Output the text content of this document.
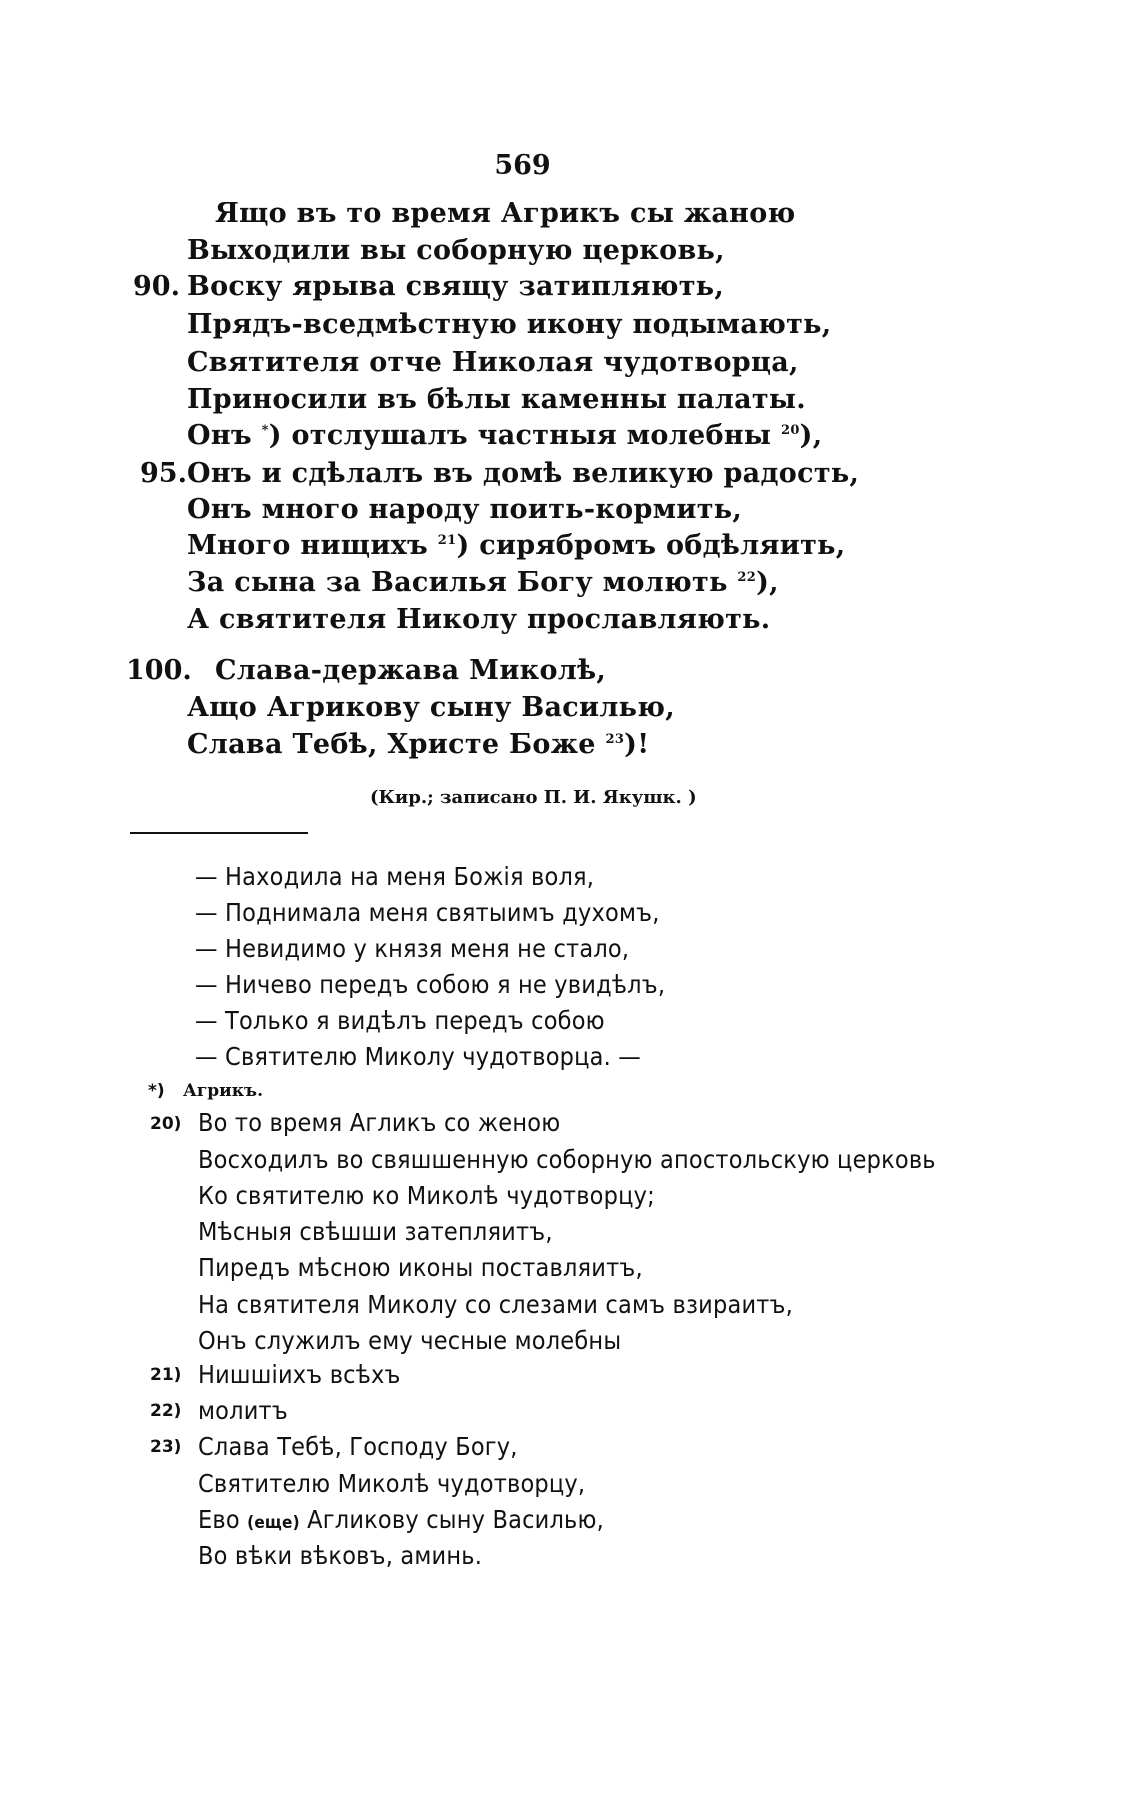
569
Ящо въ то время Агрикъ сы жаною
Выходили вы соборную церковь,
90. Воску ярыва свящу затипляють,
Прядъ-вседмѣстную икону подымають,
Святителя отче Николая чудотворца,
Приносили въ бѣлы каменны палаты.
Онъ *) отслушалъ частныя молебны $^{20}$),
95. Онъ и сдѣлалъ въ домѣ великую радость,
Онъ много народу поить-кормить,
Много нищихъ $^{21}$) сирябромъ обдѣляить,
За сына за Василья Богу молють $^{22}$),
А святителя Николу прославляють.
100. Слава-держава Миколѣ,
Ащо Агрикову сыну Василью,
Слава Тебѣ, Христе Боже $^{23}$)!
(Кир.; записано П. И. Якушк. )
— Находила на меня Божія воля,
— Поднимала меня святыимъ духомъ,
— Невидимо у князя меня не стало,
— Ничево передъ собою я не увидѣлъ,
— Только я видѣлъ передъ собою
— Святителю Миколу чудотворца. —
*) Агрикъ.
20) Во то время Агликъ со женою
Восходилъ во свяшшенную соборную апостольскую церковь
Ко святителю ко Миколѣ чудотворцу;
Мѣсныя свѣшши затепляитъ,
Пиредъ мѣсною иконы поставляитъ,
На святителя Миколу со слезами самъ взираитъ,
Онъ служилъ ему чесные молебны
21) Нишшіихъ всѣхъ
22) молитъ
23) Слава Тебѣ, Господу Богу,
Святителю Миколѣ чудотворцу,
Ево (еще) Агликову сыну Василью,
Во вѣки вѣковъ, аминь.
